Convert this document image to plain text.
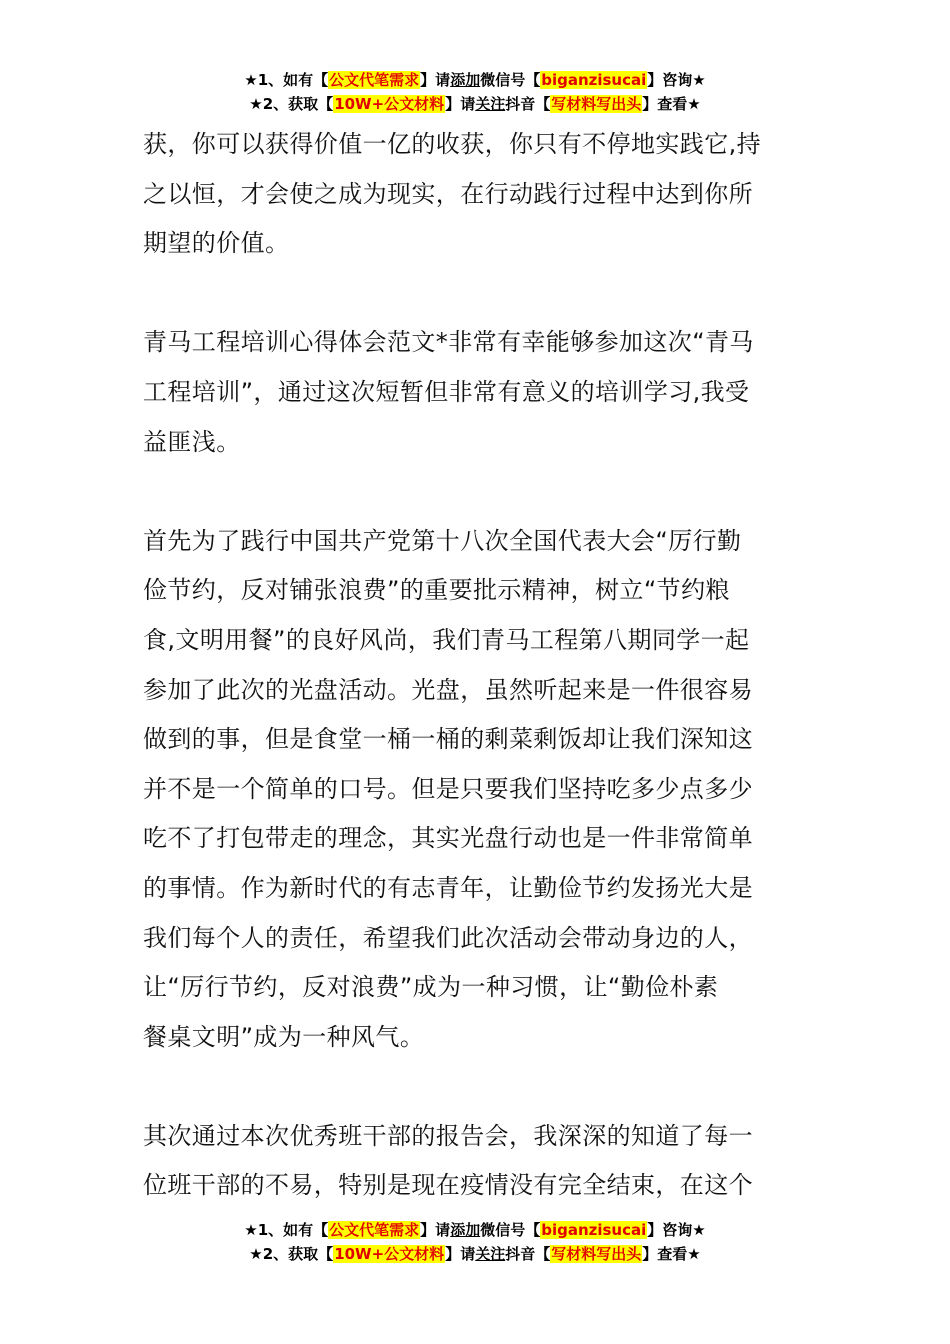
★1、如有【公文代笔需求】请添加微信号【biganzisucai】咨询★
★2、获取【10W+公文材料】请关注抖音【写材料写出头】查看★
获，你可以获得价值一亿的收获，你只有不停地实践它,持
之以恒，才会使之成为现实，在行动践行过程中达到你所
期望的价值。
青马工程培训心得体会范文*非常有幸能够参加这次“青马
工程培训”，通过这次短暂但非常有意义的培训学习,我受
益匪浅。
首先为了践行中国共产党第十八次全国代表大会“厉行勤
俭节约，反对铺张浪费”的重要批示精神，树立“节约粮
食,文明用餐”的良好风尚，我们青马工程第八期同学一起
参加了此次的光盘活动。光盘，虽然听起来是一件很容易
做到的事，但是食堂一桶一桶的剩菜剩饭却让我们深知这
并不是一个简单的口号。但是只要我们坚持吃多少点多少
吃不了打包带走的理念，其实光盘行动也是一件非常简单
的事情。作为新时代的有志青年，让勤俭节约发扬光大是
我们每个人的责任，希望我们此次活动会带动身边的人，
让“厉行节约，反对浪费”成为一种习惯，让“勤俭朴素
餐桌文明”成为一种风气。
其次通过本次优秀班干部的报告会，我深深的知道了每一
位班干部的不易，特别是现在疫情没有完全结束，在这个
★1、如有【公文代笔需求】请添加微信号【biganzisucai】咨询★
★2、获取【10W+公文材料】请关注抖音【写材料写出头】查看★
